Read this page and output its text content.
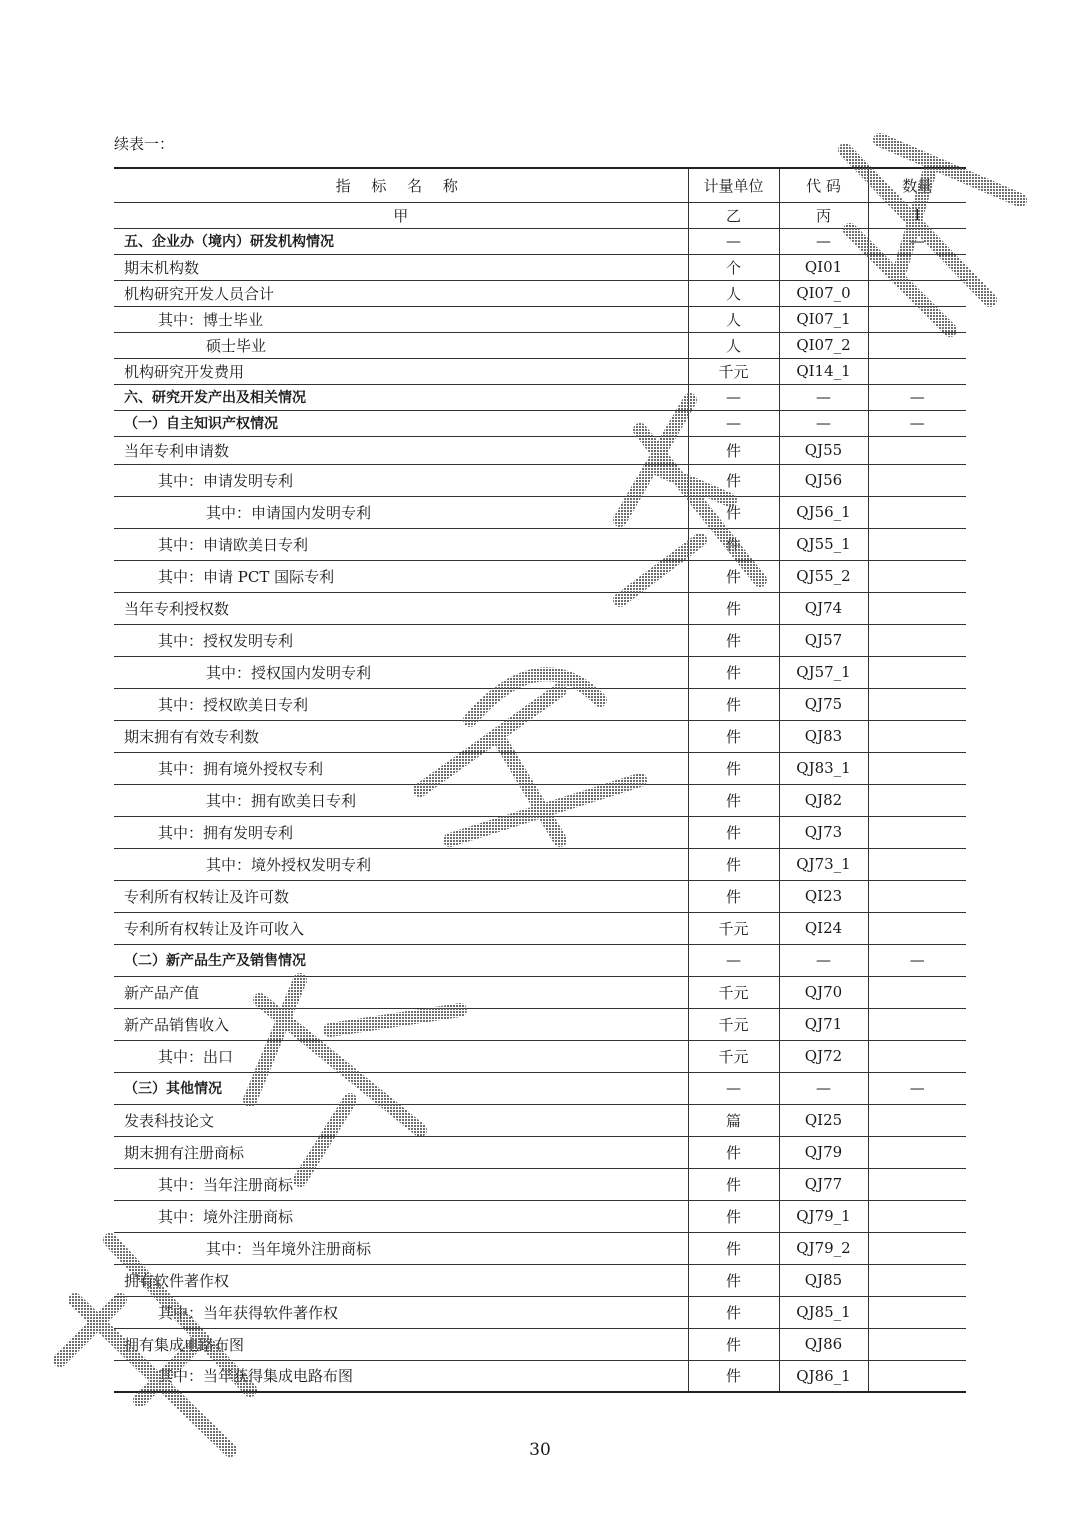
续表一：
指 标 名 称	计量单位	代 码	数量
甲	乙	丙	1
五、企业办（境内）研发机构情况	—	—	—
期末机构数	个	QI01	
机构研究开发人员合计	人	QI07_0	
其中：博士毕业	人	QI07_1	
硕士毕业	人	QI07_2	
机构研究开发费用	千元	QI14_1	
六、研究开发产出及相关情况	—	—	—
（一）自主知识产权情况	—	—	—
当年专利申请数	件	QJ55	
其中：申请发明专利	件	QJ56	
其中：申请国内发明专利	件	QJ56_1	
其中：申请欧美日专利	件	QJ55_1	
其中：申请 PCT 国际专利	件	QJ55_2	
当年专利授权数	件	QJ74	
其中：授权发明专利	件	QJ57	
其中：授权国内发明专利	件	QJ57_1	
其中：授权欧美日专利	件	QJ75	
期末拥有有效专利数	件	QJ83	
其中：拥有境外授权专利	件	QJ83_1	
其中：拥有欧美日专利	件	QJ82	
其中：拥有发明专利	件	QJ73	
其中：境外授权发明专利	件	QJ73_1	
专利所有权转让及许可数	件	QI23	
专利所有权转让及许可收入	千元	QI24	
（二）新产品生产及销售情况	—	—	—
新产品产值	千元	QJ70	
新产品销售收入	千元	QJ71	
其中：出口	千元	QJ72	
（三）其他情况	—	—	—
发表科技论文	篇	QI25	
期末拥有注册商标	件	QJ79	
其中：当年注册商标	件	QJ77	
其中：境外注册商标	件	QJ79_1	
其中：当年境外注册商标	件	QJ79_2	
拥有软件著作权	件	QJ85	
其中：当年获得软件著作权	件	QJ85_1	
拥有集成电路布图	件	QJ86	
其中：当年获得集成电路布图	件	QJ86_1	
30
